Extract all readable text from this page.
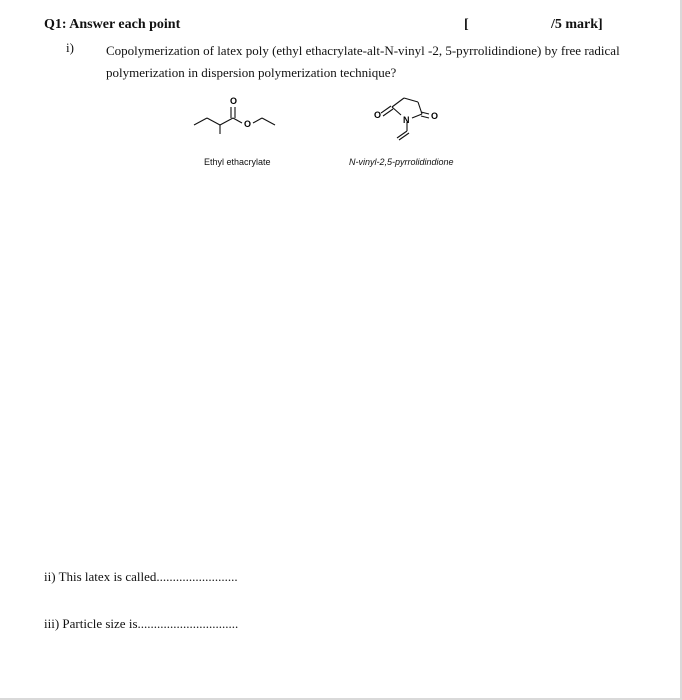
Q1: Answer each point	[	/5 mark]
i) Copolymerization of latex poly (ethyl ethacrylate-alt-N-vinyl -2, 5-pyrrolidindione) by free radical polymerization in dispersion polymerization technique?
O
O
Ethyl ethacrylate
O N O
N-vinyl-2,5-pyrrolidindione
ii) This latex is called.........................
iii) Particle size is...............................
